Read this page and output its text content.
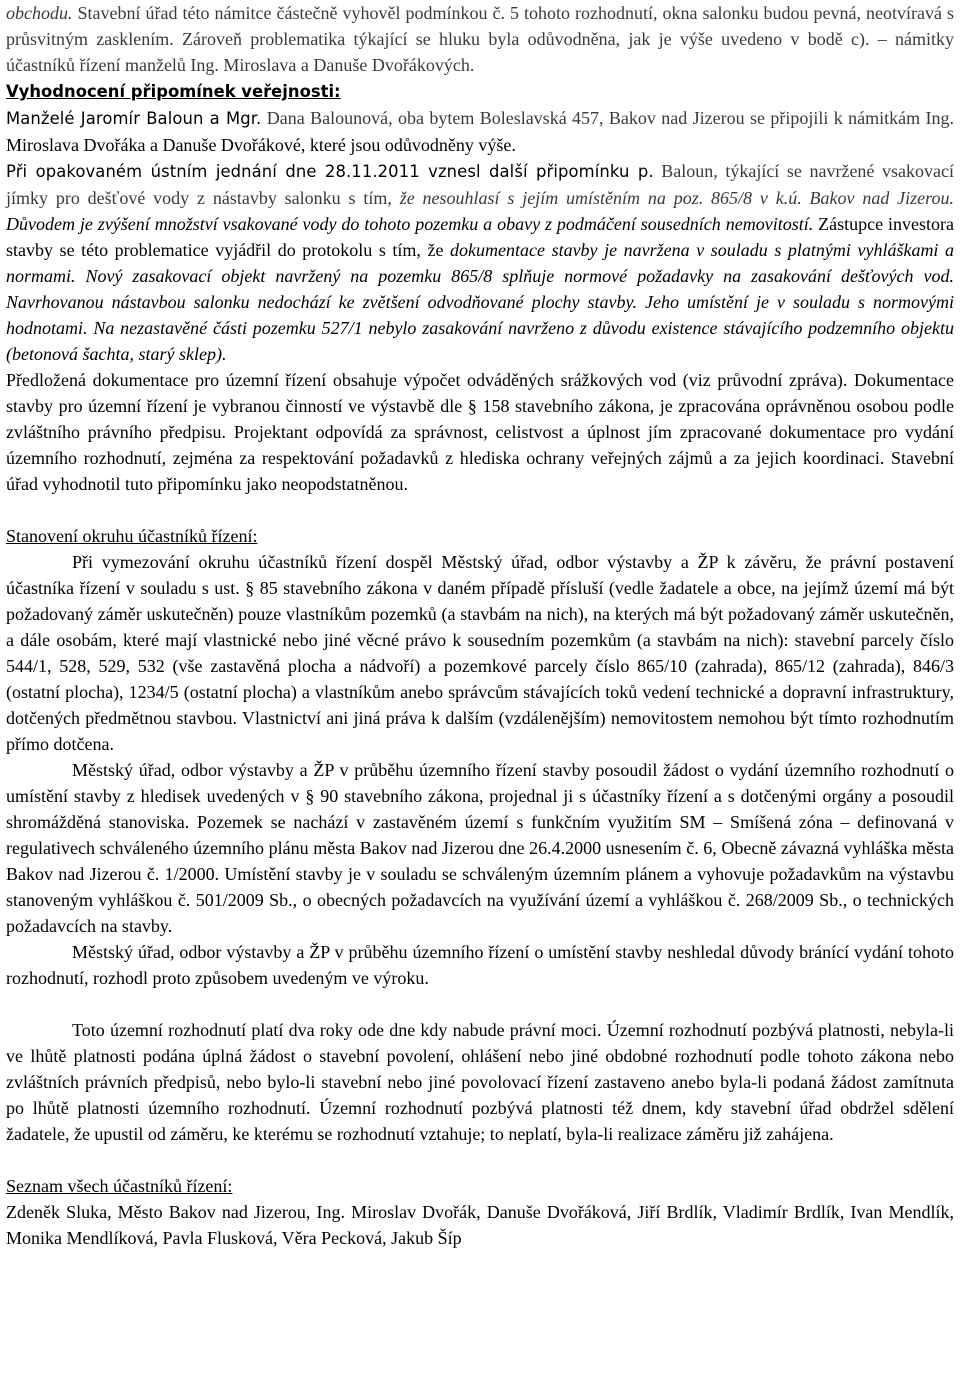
obchodu. Stavební úřad této námitce částečně vyhověl podmínkou č. 5 tohoto rozhodnutí, okna salonku budou pevná, neotvíravá s průsvitným zasklením. Zároveň problematika týkající se hluku byla odůvodněna, jak je výše uvedeno v bodě c). – námitky účastníků řízení manželů Ing. Miroslava a Danuše Dvořákových.

Vyhodnocení připomínek veřejnosti:
Manželé Jaromír Baloun a Mgr. Dana Balounová, oba bytem Boleslavská 457, Bakov nad Jizerou se připojili k námitkám Ing. Miroslava Dvořáka a Danuše Dvořákové, které jsou odůvodněny výše.
Při opakovaném ústním jednání dne 28.11.2011 vznesl další připomínku p. Baloun, týkající se navržené vsakovací jímky pro dešťové vody z nástavby salonku s tím, že nesouhlasí s jejím umístěním na poz. 865/8 v k.ú. Bakov nad Jizerou. Důvodem je zvýšení množství vsakované vody do tohoto pozemku a obavy z podmáčení sousedních nemovitostí. Zástupce investora stavby se této problematice vyjádřil do protokolu s tím, že dokumentace stavby je navržena v souladu s platnými vyhláškami a normami. Nový zasakovací objekt navržený na pozemku 865/8 splňuje normové požadavky na zasakování dešťových vod. Navrhovanou nástavbou salonku nedochází ke zvětšení odvodňované plochy stavby. Jeho umístění je v souladu s normovými hodnotami. Na nezastavěné části pozemku 527/1 nebylo zasakování navrženo z důvodu existence stávajícího podzemního objektu (betonová šachta, starý sklep).

Předložená dokumentace pro územní řízení obsahuje výpočet odváděných srážkových vod (viz průvodní zpráva). Dokumentace stavby pro územní řízení je vybranou činností ve výstavbě dle § 158 stavebního zákona, je zpracována oprávněnou osobou podle zvláštního právního předpisu. Projektant odpovídá za správnost, celistvost a úplnost jím zpracované dokumentace pro vydání územního rozhodnutí, zejména za respektování požadavků z hlediska ochrany veřejných zájmů a za jejich koordinaci. Stavební úřad vyhodnotil tuto připomínku jako neopodstatněnou.

Stanovení okruhu účastníků řízení:

Při vymezování okruhu účastníků řízení dospěl Městský úřad, odbor výstavby a ŽP k závěru, že právní postavení účastníka řízení v souladu s ust. § 85 stavebního zákona v daném případě přísluší (vedle žadatele a obce, na jejímž území má být požadovaný záměr uskutečněn) pouze vlastníkům pozemků (a stavbám na nich), na kterých má být požadovaný záměr uskutečněn, a dále osobám, které mají vlastnické nebo jiné věcné právo k sousedním pozemkům (a stavbám na nich): stavební parcely číslo 544/1, 528, 529, 532 (vše zastavěná plocha a nádvoří) a pozemkové parcely číslo 865/10 (zahrada), 865/12 (zahrada), 846/3 (ostatní plocha), 1234/5 (ostatní plocha) a vlastníkům anebo správcům stávajících toků vedení technické a dopravní infrastruktury, dotčených předmětnou stavbou. Vlastnictví ani jiná práva k dalším (vzdálenějším) nemovitostem nemohou být tímto rozhodnutím přímo dotčena.

Městský úřad, odbor výstavby a ŽP v průběhu územního řízení stavby posoudil žádost o vydání územního rozhodnutí o umístění stavby z hledisek uvedených v § 90 stavebního zákona, projednal ji s účastníky řízení a s dotčenými orgány a posoudil shromážděná stanoviska. Pozemek se nachází v zastavěném území s funkčním využitím SM – Smíšená zóna – definovaná v regulativech schváleného územního plánu města Bakov nad Jizerou dne 26.4.2000 usnesením č. 6, Obecně závazná vyhláška města Bakov nad Jizerou č. 1/2000. Umístění stavby je v souladu se schváleným územním plánem a vyhovuje požadavkům na výstavbu stanoveným vyhláškou č. 501/2009 Sb., o obecných požadavcích na využívání území a vyhláškou č. 268/2009 Sb., o technických požadavcích na stavby.

Městský úřad, odbor výstavby a ŽP v průběhu územního řízení o umístění stavby neshledal důvody bránící vydání tohoto rozhodnutí, rozhodl proto způsobem uvedeným ve výroku.

Toto územní rozhodnutí platí dva roky ode dne kdy nabude právní moci. Územní rozhodnutí pozbývá platnosti, nebyla-li ve lhůtě platnosti podána úplná žádost o stavební povolení, ohlášení nebo jiné obdobné rozhodnutí podle tohoto zákona nebo zvláštních právních předpisů, nebo bylo-li stavební nebo jiné povolovací řízení zastaveno anebo byla-li podaná žádost zamítnuta po lhůtě platnosti územního rozhodnutí. Územní rozhodnutí pozbývá platnosti též dnem, kdy stavební úřad obdržel sdělení žadatele, že upustil od záměru, ke kterému se rozhodnutí vztahuje; to neplatí, byla-li realizace záměru již zahájena.

Seznam všech účastníků řízení:

Zdeněk Sluka, Město Bakov nad Jizerou, Ing. Miroslav Dvořák, Danuše Dvořáková, Jiří Brdlík, Vladimír Brdlík, Ivan Mendlík, Monika Mendlíková, Pavla Flusková, Věra Pecková, Jakub Šíp
